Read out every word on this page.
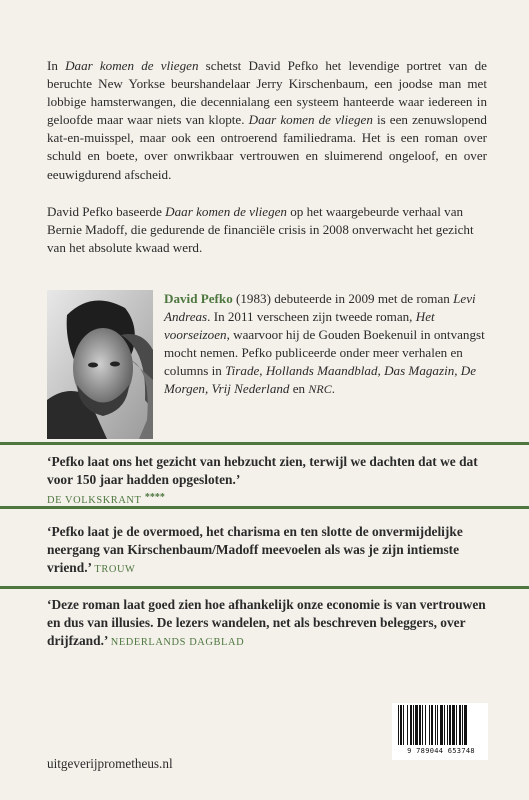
In Daar komen de vliegen schetst David Pefko het levendige portret van de beruchte New Yorkse beurshandelaar Jerry Kirschenbaum, een joodse man met lobbige hamsterwangen, die decennialang een systeem hanteerde waar iedereen in geloofde maar waar niets van klopte. Daar komen de vliegen is een zenuwslopend kat-en-muisspel, maar ook een ontroerend familiedrama. Het is een roman over schuld en boete, over onwrikbaar vertrouwen en sluimerend ongeloof, en over eeuwigdurend afscheid.

David Pefko baseerde Daar komen de vliegen op het waargebeurde verhaal van Bernie Madoff, die gedurende de financiële crisis in 2008 onverwacht het gezicht van het absolute kwaad werd.

David Pefko (1983) debuteerde in 2009 met de roman Levi Andreas. In 2011 verscheen zijn tweede roman, Het voorseizoen, waarvoor hij de Gouden Boekenuil in ontvangst mocht nemen. Pefko publiceerde onder meer verhalen en columns in Tirade, Hollands Maandblad, Das Magazin, De Morgen, Vrij Nederland en NRC.

‘Pefko laat ons het gezicht van hebzucht zien, terwijl we dachten dat we dat voor 150 jaar hadden opgesloten.’
DE VOLKSKRANT ****

‘Pefko laat je de overmoed, het charisma en ten slotte de onvermijdelijke neergang van Kirschenbaum/Madoff meevoelen als was je zijn intiemste vriend.’ TROUW

‘Deze roman laat goed zien hoe afhankelijk onze economie is van vertrouwen en dus van illusies. De lezers wandelen, net als beschreven beleggers, over drijfzand.’ NEDERLANDS DAGBLAD

uitgeverijprometheus.nl

9 789044 653748
